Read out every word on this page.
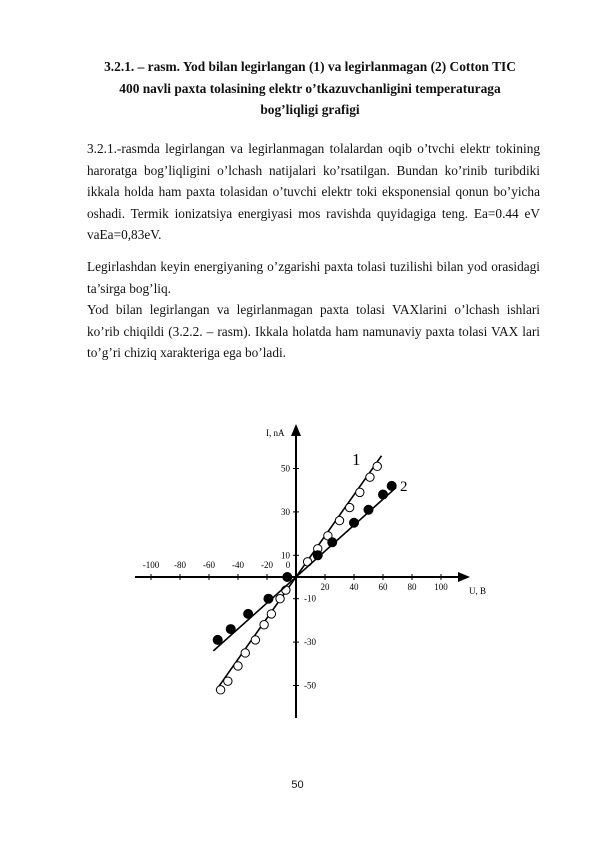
3.2.1. – rasm. Yod bilan legirlangan (1) va legirlanmagan (2) Cotton TIC
400 navli paxta tolasining elektr o’tkazuvchanligini temperaturaga
bog’liqligi grafigi
3.2.1.-rasmda legirlangan va legirlanmagan tolalardan oqib o’tvchi elektr tokining haroratga bog’liqligini o’lchash natijalari ko’rsatilgan. Bundan ko’rinib turibdiki ikkala holda ham paxta tolasidan o’tuvchi elektr toki eksponensial qonun bo’yicha oshadi. Termik ionizatsiya energiyasi mos ravishda quyidagiga teng. Ea=0.44 eV vaEa=0,83eV.
Legirlashdan keyin energiyaning o’zgarishi paxta tolasi tuzilishi bilan yod orasidagi ta’sirga bog’liq.
Yod bilan legirlangan va legirlanmagan paxta tolasi VAXlarini o’lchash ishlari ko’rib chiqildi (3.2.2. – rasm). Ikkala holatda ham namunaviy paxta tolasi VAX lari to’g’ri chiziq xarakteriga ega bo’ladi.
U, В
I, nA
-100 -80 -60 -40 -20 0
20 40 60 80 100
50
30
10
-10
-30
-50
1
2
50
